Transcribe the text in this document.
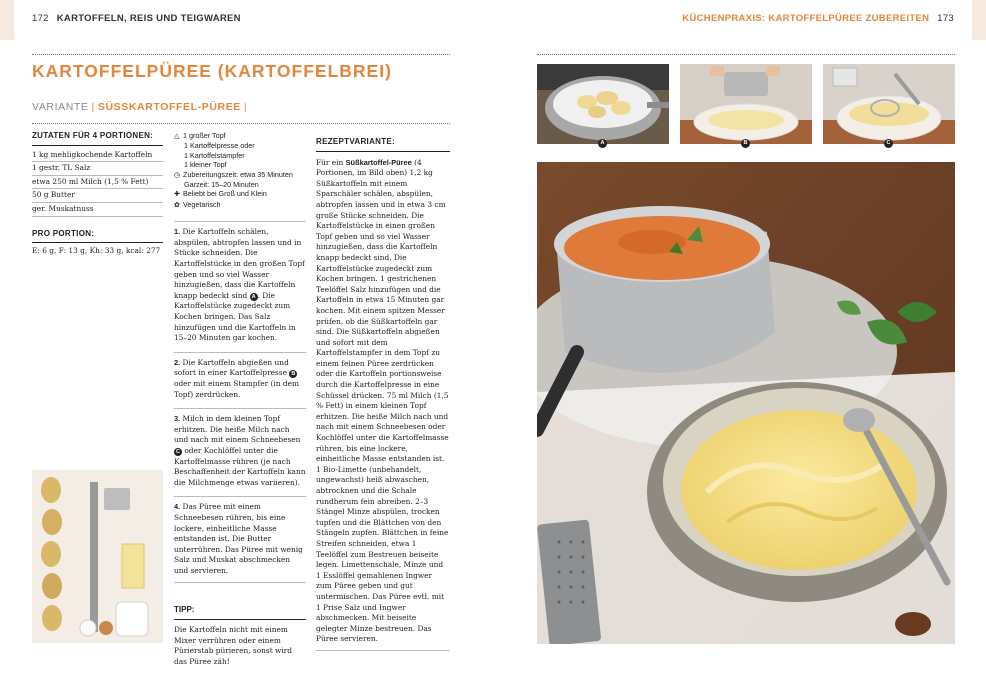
172 KARTOFFELN, REIS UND TEIGWAREN
KARTOFFELPÜREE (KARTOFFELBREI)
VARIANTE | SÜSSKARTOFFEL-PÜREE |
ZUTATEN FÜR 4 PORTIONEN:
1 kg mehligkochende Kartoffeln
1 gestr. TL Salz
etwa 250 ml Milch (1,5 % Fett)
50 g Butter
ger. Muskatnuss
PRO PORTION:
E: 6 g, F: 13 g, Kh: 33 g, kcal: 277
△ 1 großer Topf
1 Kartoffelpresse oder
1 Kartoffelstampfer
1 kleiner Topf
◷ Zubereitungszeit: etwa 35 Minuten
Garzeit: 15–20 Minuten
✚ Beliebt bei Groß und Klein
✿ Vegetarisch
1. Die Kartoffeln schälen, abspülen, abtropfen lassen und in Stücke schneiden. Die Kartoffelstücke in den großen Topf geben und so viel Wasser hinzugießen, dass die Kartoffeln knapp bedeckt sind A . Die Kartoffelstücke zugedeckt zum Kochen bringen. Das Salz hinzufügen und die Kartoffeln in 15–20 Minuten gar kochen.
2. Die Kartoffeln abgießen und sofort in einer Kartoffelpresse B oder mit einem Stampfer (in dem Topf) zerdrücken.
3. Milch in dem kleinen Topf erhitzen. Die heiße Milch nach und nach mit einem Schneebesen C oder Kochlöffel unter die Kartoffelmasse rühren (je nach Beschaffenheit der Kartoffeln kann die Milchmenge etwas variieren).
4. Das Püree mit einem Schneebesen rühren, bis eine lockere, einheitliche Masse entstanden ist. Die Butter unterrühren. Das Püree mit wenig Salz und Muskat abschmecken und servieren.
TIPP:
Die Kartoffeln nicht mit einem Mixer verrühren oder einem Pürierstab pürieren, sonst wird das Püree zäh!
REZEPTVARIANTE:
Für ein Süßkartoffel-Püree (4 Portionen, im Bild oben) 1,2 kg Süßkartoffeln mit einem Sparschäler schälen, abspülen, abtropfen lassen und in etwa 3 cm große Stücke schneiden. Die Kartoffelstücke in einen großen Topf geben und so viel Wasser hinzugießen, dass die Kartoffeln knapp bedeckt sind. Die Kartoffelstücke zugedeckt zum Kochen bringen. 1 gestrichenen Teelöffel Salz hinzufügen und die Kartoffeln in etwa 15 Minuten gar kochen. Mit einem spitzen Messer prüfen, ob die Süßkartoffeln gar sind. Die Süßkartoffeln abgießen und sofort mit dem Kartoffelstampfer in dem Topf zu einem feinen Püree zerdrücken oder die Kartoffeln portionsweise durch die Kartoffelpresse in eine Schüssel drücken. 75 ml Milch (1,5 % Fett) in einem kleinen Topf erhitzen. Die heiße Milch nach und nach mit einem Schneebesen oder Kochlöffel unter die Kartoffelmasse rühren, bis eine lockere, einheitliche Masse entstanden ist. 1 Bio-Limette (unbehandelt, ungewachst) heiß abwaschen, abtrocknen und die Schale rundherum fein abreiben. 2–3 Stängel Minze abspülen, trocken tupfen und die Blättchen von den Stängeln zupfen. Blättchen in feine Streifen schneiden, etwa 1 Teelöffel zum Bestreuen beiseite legen. Limettenschale, Minze und 1 Esslöffel gemahlenen Ingwer zum Püree geben und gut untermischen. Das Püree evtl. mit 1 Prise Salz und Ingwer abschmecken. Mit beiseite gelegter Minze bestreuen. Das Püree servieren.
KÜCHENPRAXIS: KARTOFFELPÜREE ZUBEREITEN 173
A	B	C
